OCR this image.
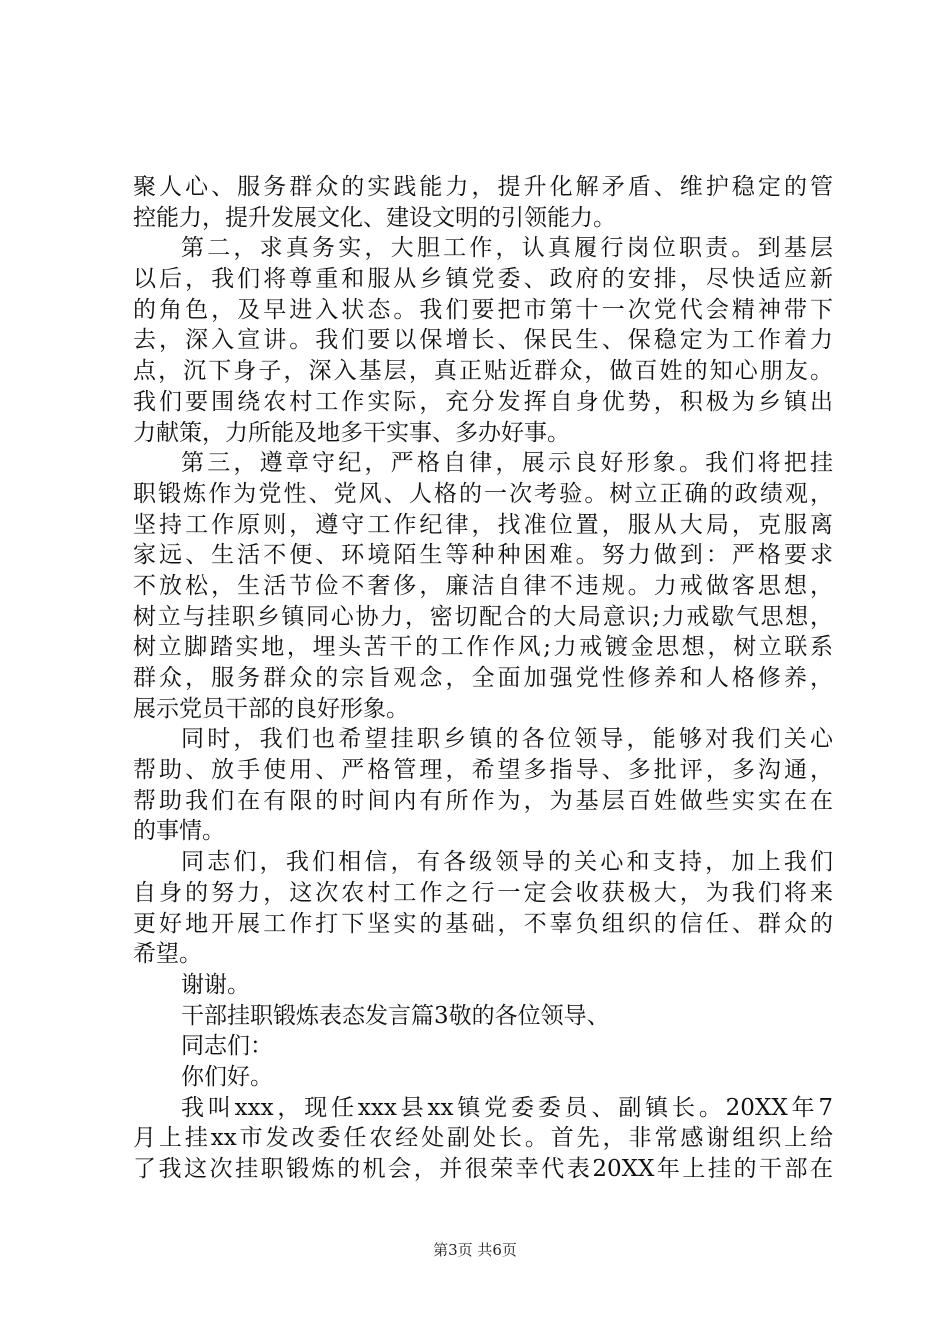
聚人心、服务群众的实践能力，提升化解矛盾、维护稳定的管
控能力，提升发展文化、建设文明的引领能力。
第二，求真务实，大胆工作，认真履行岗位职责。到基层
以后，我们将尊重和服从乡镇党委、政府的安排，尽快适应新
的角色，及早进入状态。我们要把市第十一次党代会精神带下
去，深入宣讲。我们要以保增长、保民生、保稳定为工作着力
点，沉下身子，深入基层，真正贴近群众，做百姓的知心朋友。
我们要围绕农村工作实际，充分发挥自身优势，积极为乡镇出
力献策，力所能及地多干实事、多办好事。
第三，遵章守纪，严格自律，展示良好形象。我们将把挂
职锻炼作为党性、党风、人格的一次考验。树立正确的政绩观，
坚持工作原则，遵守工作纪律，找准位置，服从大局，克服离
家远、生活不便、环境陌生等种种困难。努力做到：严格要求
不放松，生活节俭不奢侈，廉洁自律不违规。力戒做客思想，
树立与挂职乡镇同心协力，密切配合的大局意识;力戒歇气思想，
树立脚踏实地，埋头苦干的工作作风;力戒镀金思想，树立联系
群众，服务群众的宗旨观念，全面加强党性修养和人格修养，
展示党员干部的良好形象。
同时，我们也希望挂职乡镇的各位领导，能够对我们关心
帮助、放手使用、严格管理，希望多指导、多批评，多沟通，
帮助我们在有限的时间内有所作为，为基层百姓做些实实在在
的事情。
同志们，我们相信，有各级领导的关心和支持，加上我们
自身的努力，这次农村工作之行一定会收获极大，为我们将来
更好地开展工作打下坚实的基础，不辜负组织的信任、群众的
希望。
谢谢。
干部挂职锻炼表态发言篇3敬的各位领导、
同志们：
你们好。
我叫xxx，现任xxx县xx镇党委委员、副镇长。20XX年7
月上挂xx市发改委任农经处副处长。首先，非常感谢组织上给
了我这次挂职锻炼的机会，并很荣幸代表20XX年上挂的干部在
第3页 共6页
